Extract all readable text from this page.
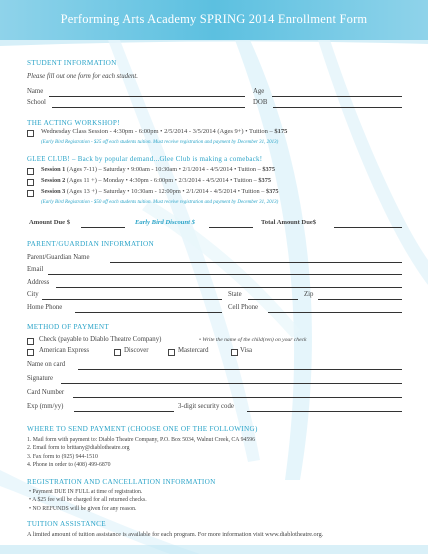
Performing Arts Academy SPRING 2014 Enrollment Form
STUDENT INFORMATION
Please fill out one form for each student.
Name	Age
School	DOB
THE ACTING WORKSHOP!
Wednesday Class Session - 4:30pm - 6:00pm • 2/5/2014 - 3/5/2014 (Ages 9+) • Tuition – $175
(Early Bird Registration - $25 off each students tuition. Must receive registration and payment by December 31, 2013)
GLEE CLUB! – Back by popular demand...Glee Club is making a comeback!
Session 1 (Ages 7-11) – Saturday • 9:00am - 10:30am • 2/1/2014 - 4/5/2014 • Tuition – $375
Session 2 (Ages 11 +) – Monday • 4:30pm - 6:00pm • 2/3/2014 - 4/5/2014 • Tuition – $375
Session 3 (Ages 13 +) – Saturday • 10:30am - 12:00pm • 2/1/2014 - 4/5/2014 • Tuition – $375
(Early Bird Registration - $50 off each students tuition. Must receive registration and payment by December 31, 2013)
Amount Due $	Early Bird Discount $	Total Amount Due$
PARENT/GUARDIAN INFORMATION
Parent/Guardian Name
Email
Address
City	State	Zip
Home Phone	Cell Phone
METHOD OF PAYMENT
Check (payable to Diablo Theatre Company)	• Write the name of the child(ren) on your check
American Express	Discover	Mastercard	Visa
Name on card
Signature
Card Number
Exp (mm/yy)	3-digit security code
WHERE TO SEND PAYMENT (CHOOSE ONE OF THE FOLLOWING)
1. Mail form with payment to: Diablo Theatre Company, P.O. Box 5034, Walnut Creek, CA 94596
2. Email form to brittany@diablotheatre.org
3. Fax form to (925) 944-1510
4. Phone in order to (408) 499-6870
REGISTRATION AND CANCELLATION INFORMATION
• Payment DUE IN FULL at time of registration.
• A $25 fee will be charged for all returned checks.
• NO REFUNDS will be given for any reason.
TUITION ASSISTANCE
A limited amount of tuition assistance is available for each program. For more information visit www.diablotheatre.org.
